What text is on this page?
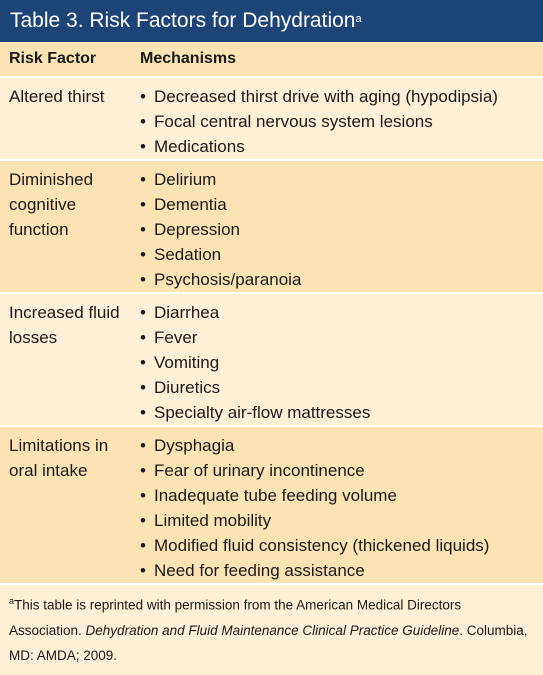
Table 3. Risk Factors for Dehydration$^a$
Risk Factor	Mechanisms
Altered thirst
•	Decreased thirst drive with aging (hypodipsia)
• Focal central nervous system lesions
• Medications
Diminished
cognitive
function
• Delirium
• Dementia
• Depression
• Sedation
• Psychosis/paranoia
Increased fluid
losses
• Diarrhea
• Fever
• Vomiting
• Diuretics
• Specialty air-flow mattresses
Limitations in
oral intake
• Dysphagia
• Fear of urinary incontinence
• Inadequate tube feeding volume
• Limited mobility
• Modified fluid consistency (thickened liquids)
• Need for feeding assistance
$^a$This table is reprinted with permission from the American Medical Directors Association. Dehydration and Fluid Maintenance Clinical Practice Guideline. Columbia, MD: AMDA; 2009.
